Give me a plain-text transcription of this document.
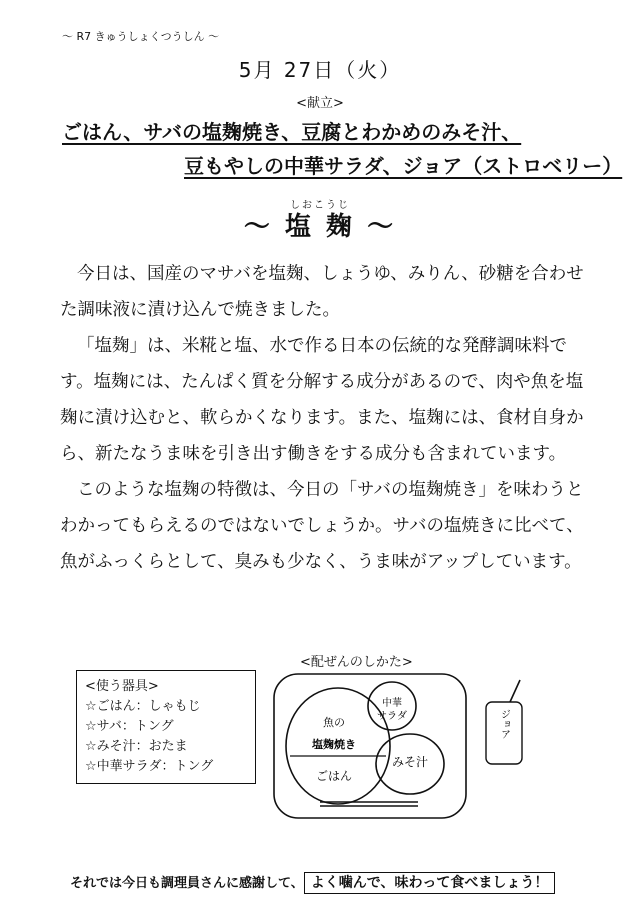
～ R7 きゅうしょくつうしん ～
5月 27日（火）
<献立>
ごはん、サバの塩麹焼き、豆腐とわかめのみそ汁、
豆もやしの中華サラダ、ジョア（ストロベリー）
しおこうじ
～ 塩 麹 ～

今日は、国産のマサバを塩麹、しょうゆ、みりん、砂糖を合わせた調味液に漬け込んで焼きました。

「塩麹」は、米糀と塩、水で作る日本の伝統的な発酵調味料です。塩麹には、たんぱく質を分解する成分があるので、肉や魚を塩麹に漬け込むと、軟らかくなります。また、塩麹には、食材自身から、新たなうま味を引き出す働きをする成分も含まれています。

このような塩麹の特徴は、今日の「サバの塩麹焼き」を味わうとわかってもらえるのではないでしょうか。サバの塩焼きに比べて、魚がふっくらとして、臭みも少なく、うま味がアップしています。

<配ぜんのしかた>
<使う器具>
☆ごはん：しゃもじ
☆サバ：トング
☆みそ汁：おたま
☆中華サラダ：トング
魚の
塩麹焼き
ごはん
中華
サラダ
みそ汁
ジョア
それでは今日も調理員さんに感謝して、 よく噛んで、味わって食べましょう！
